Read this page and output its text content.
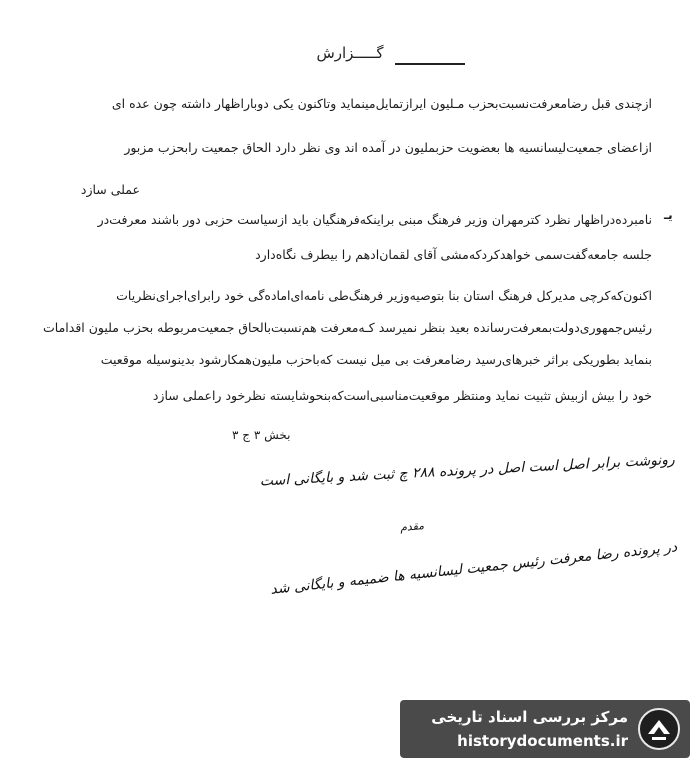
گـــــزارش
ازچندی قبل رضامعرفت‌نسبت‌بحزب مـلیون ایرازتمایل‌مینماید وتاکنون یکی دوباراظهار داشته چون عده ای
ازاعضای جمعیت‌لیسانسیه ها بعضویت حزبملیون در آمده اند وی نظر دارد الحاق جمعیت رابحزب مزبور
عملی سازد
یـ
نامبرده‌دراظهار نظرد کترمهران وزیر فرهنگ مبنی براینکه‌فرهنگیان باید ازسیاست حزبی دور باشند معرفت‌در
جلسه جامعه‌گفت‌سمی خواهدکردکه‌مشی آقای لقمان‌ادهم را بیطرف نگاه‌دارد
اکنون‌که‌کرچی مدیرکل فرهنگ استان بنا بتوصیه‌وزیر فرهنگ‌طی نامه‌ای‌اماده‌گی خود رابرای‌اجرای‌نظریات
رئیس‌جمهوری‌دولت‌بمعرفت‌رسانده بعید بنظر نمیرسد کـه‌معرفت هم‌نسبت‌بالحاق جمعیت‌مربوطه بحزب ملیون اقدامات
بنماید بطوریکی براثر خبرهای‌رسید رضامعرفت بی میل نیست که‌باحزب ملیون‌همکارشود بدینوسیله موقعیت
خود را بیش ازبیش تثبیت نماید ومنتظر موقعیت‌مناسبی‌است‌که‌بنحوشایسته نظرخود راعملی سازد
بخش ۳ ج ۳
رونوشت برابر اصل است اصل در پرونده ۲۸۸ چ ثبت شد و بایگانی است
مقدم
در پرونده رضا معرفت رئیس جمعیت لیسانسیه ها ضمیمه و بایگانی شد
مرکز بررسی اسناد تاریخی
historydocuments.ir
